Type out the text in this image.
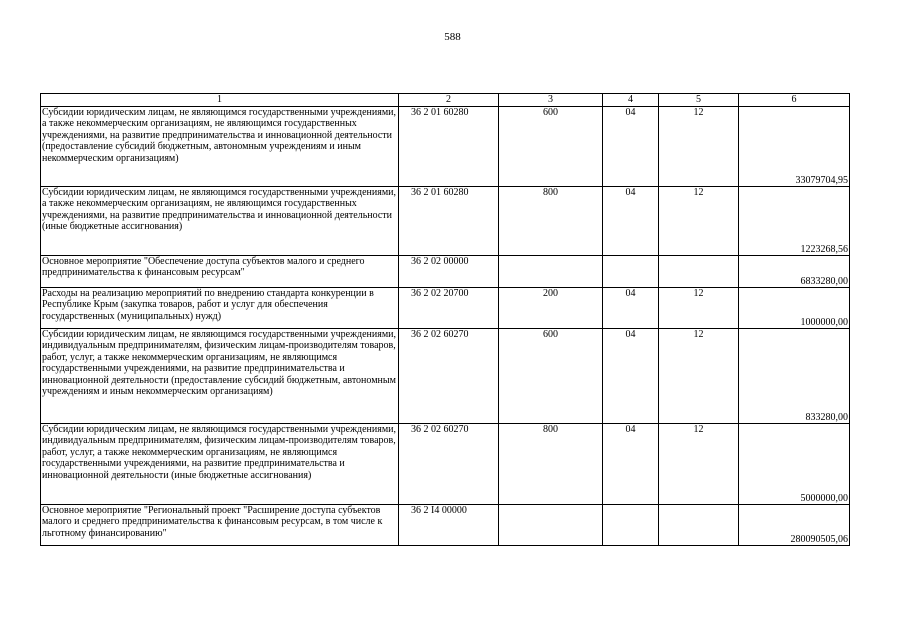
588
1	2	3	4	5	6
Субсидии юридическим лицам, не являющимся государственными учреждениями, а также некоммерческим организациям, не являющимся государственных учреждениями, на развитие предпринимательства и инновационной деятельности (предоставление субсидий бюджетным, автономным учреждениям и иным некоммерческим организациям)	36 2 01 60280	600	04	12	33079704,95
Субсидии юридическим лицам, не являющимся государственными учреждениями, а также некоммерческим организациям, не являющимся государственных учреждениями, на развитие предпринимательства и инновационной деятельности (иные бюджетные ассигнования)	36 2 01 60280	800	04	12	1223268,56
Основное мероприятие "Обеспечение доступа субъектов малого и среднего предпринимательства к финансовым ресурсам"	36 2 02 00000				6833280,00
Расходы на реализацию мероприятий по внедрению стандарта конкуренции в Республике Крым (закупка товаров, работ и услуг для обеспечения государственных (муниципальных) нужд)	36 2 02 20700	200	04	12	1000000,00
Субсидии юридическим лицам, не являющимся государственными учреждениями, индивидуальным предпринимателям, физическим лицам-производителям товаров, работ, услуг, а также некоммерческим организациям, не являющимся государственными учреждениями, на развитие предпринимательства и инновационной деятельности (предоставление субсидий бюджетным, автономным учреждениям и иным некоммерческим организациям)	36 2 02 60270	600	04	12	833280,00
Субсидии юридическим лицам, не являющимся государственными учреждениями, индивидуальным предпринимателям, физическим лицам-производителям товаров, работ, услуг, а также некоммерческим организациям, не являющимся государственными учреждениями, на развитие предпринимательства и инновационной деятельности (иные бюджетные ассигнования)	36 2 02 60270	800	04	12	5000000,00
Основное мероприятие "Региональный проект "Расширение доступа субъектов малого и среднего предпринимательства к финансовым ресурсам, в том числе к льготному финансированию"	36 2 I4 00000				280090505,06
